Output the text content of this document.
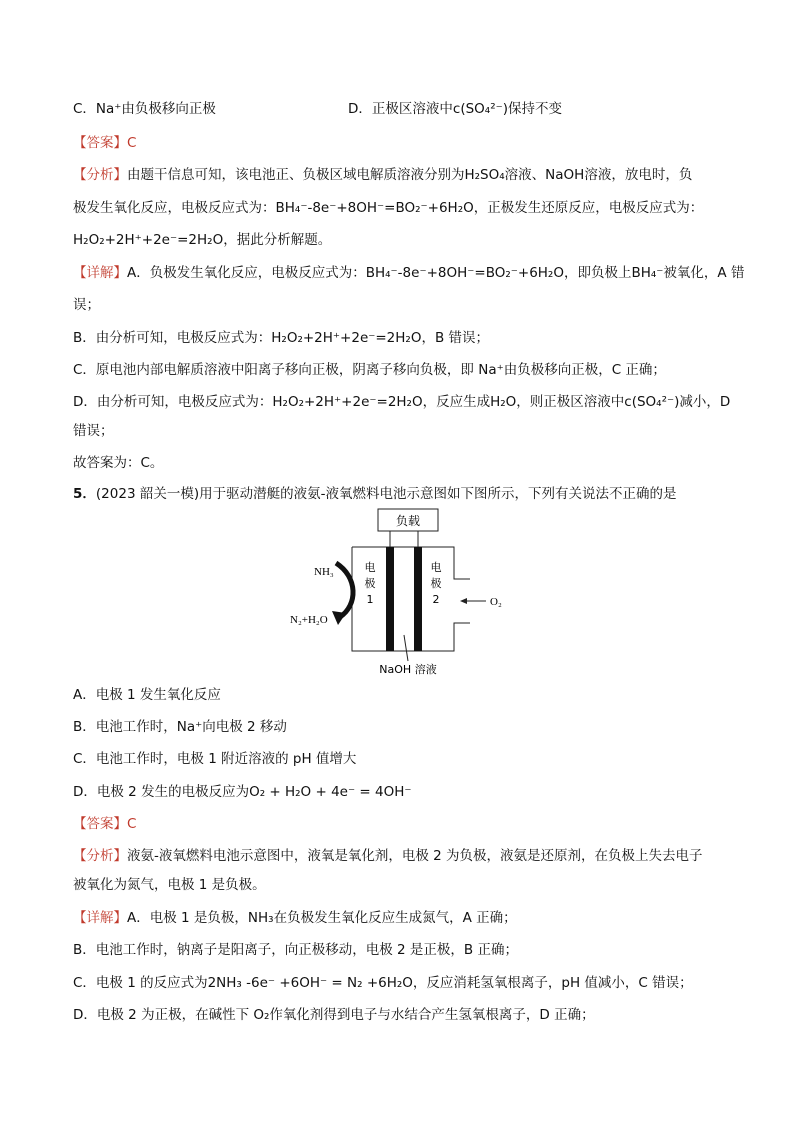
C．Na⁺由负极移向正极	D．正极区溶液中c(SO₄²⁻)保持不变
【答案】C
【分析】由题干信息可知，该电池正、负极区域电解质溶液分别为H₂SO₄溶液、NaOH溶液，放电时，负
极发生氧化反应，电极反应式为：BH₄⁻-8e⁻+8OH⁻=BO₂⁻+6H₂O，正极发生还原反应，电极反应式为：
H₂O₂+2H⁺+2e⁻=2H₂O，据此分析解题。
【详解】A．负极发生氧化反应，电极反应式为：BH₄⁻-8e⁻+8OH⁻=BO₂⁻+6H₂O，即负极上BH₄⁻被氧化，A 错
误；
B．由分析可知，电极反应式为：H₂O₂+2H⁺+2e⁻=2H₂O，B 错误；
C．原电池内部电解质溶液中阳离子移向正极，阴离子移向负极，即 Na⁺由负极移向正极，C 正确；
D．由分析可知，电极反应式为：H₂O₂+2H⁺+2e⁻=2H₂O，反应生成H₂O，则正极区溶液中c(SO₄²⁻)减小，D
错误；
故答案为：C。
5．(2023 韶关一模)用于驱动潜艇的液氨-液氧燃料电池示意图如下图所示，下列有关说法不正确的是
负载
电
极
1
电
极
2
NH₃
N₂+H₂O
O₂
NaOH 溶液
A．电极 1 发生氧化反应
B．电池工作时，Na⁺向电极 2 移动
C．电池工作时，电极 1 附近溶液的 pH 值增大
D．电极 2 发生的电极反应为O₂ + H₂O + 4e⁻ = 4OH⁻
【答案】C
【分析】液氨-液氧燃料电池示意图中，液氧是氧化剂，电极 2 为负极，液氨是还原剂，在负极上失去电子
被氧化为氮气，电极 1 是负极。
【详解】A．电极 1 是负极，NH₃在负极发生氧化反应生成氮气，A 正确；
B．电池工作时，钠离子是阳离子，向正极移动，电极 2 是正极，B 正确；
C．电极 1 的反应式为2NH₃ -6e⁻ +6OH⁻ = N₂ +6H₂O，反应消耗氢氧根离子，pH 值减小，C 错误；
D．电极 2 为正极，在碱性下 O₂作氧化剂得到电子与水结合产生氢氧根离子，D 正确；
